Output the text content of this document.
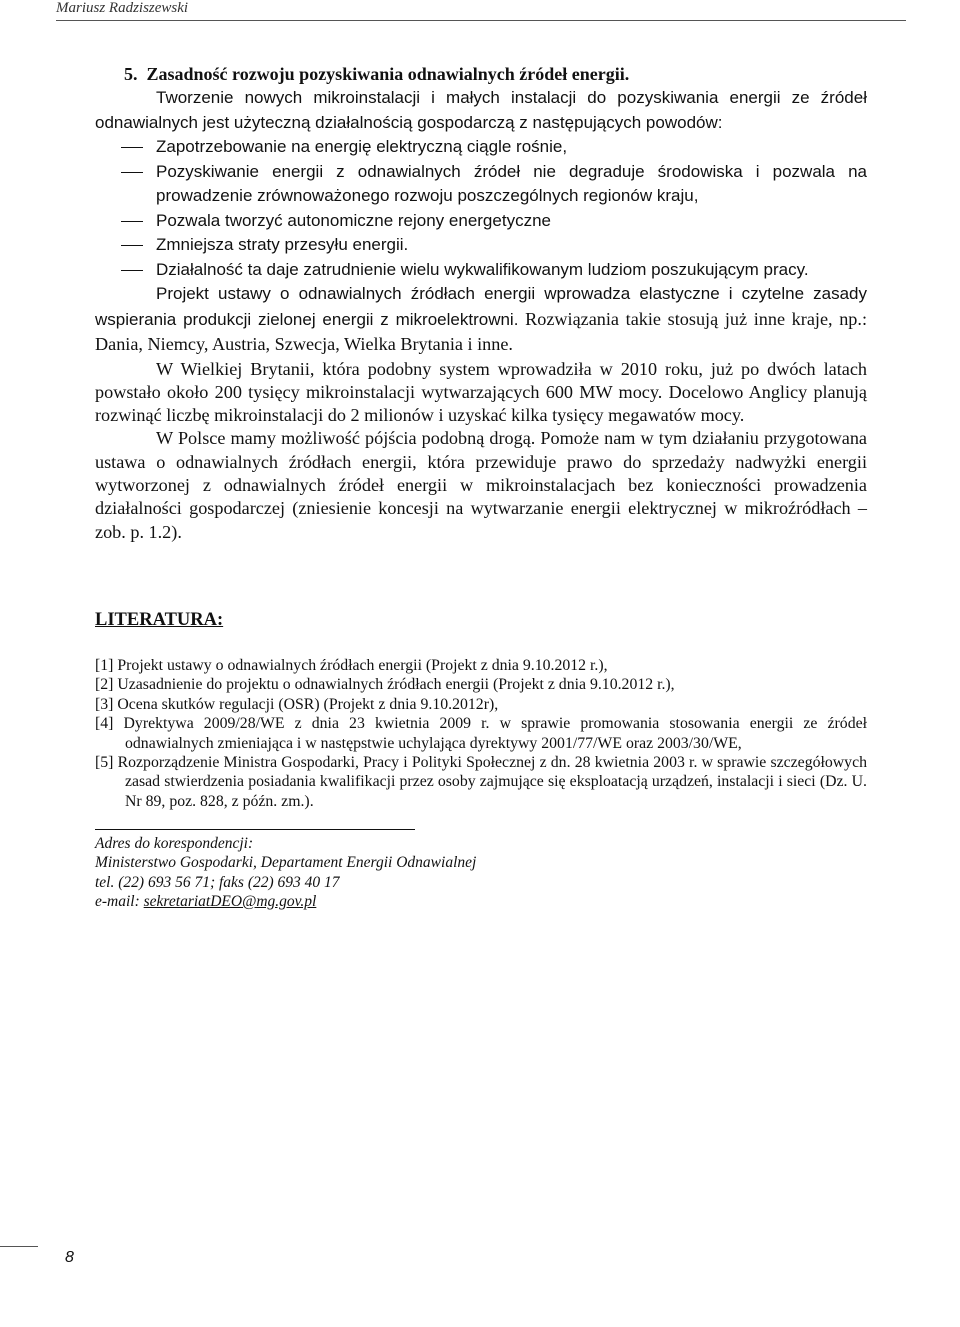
Mariusz Radziszewski
5. Zasadność rozwoju pozyskiwania odnawialnych źródeł energii.

Tworzenie nowych mikroinstalacji i małych instalacji do pozyskiwania energii ze źródeł odnawialnych jest użyteczną działalnością gospodarczą z następujących powodów:

Zapotrzebowanie na energię elektryczną ciągle rośnie,
Pozyskiwanie energii z odnawialnych źródeł nie degraduje środowiska i pozwala na prowadzenie zrównoważonego rozwoju poszczególnych regionów kraju,
Pozwala tworzyć autonomiczne rejony energetyczne
Zmniejsza straty przesyłu energii.
Działalność ta daje zatrudnienie wielu wykwalifikowanym ludziom poszukującym pracy.

Projekt ustawy o odnawialnych źródłach energii wprowadza elastyczne i czytelne zasady wspierania produkcji zielonej energii z mikroelektrowni. Rozwiązania takie stosują już inne kraje, np.: Dania, Niemcy, Austria, Szwecja, Wielka Brytania i inne.

W Wielkiej Brytanii, która podobny system wprowadziła w 2010 roku, już po dwóch latach powstało około 200 tysięcy mikroinstalacji wytwarzających 600 MW mocy. Docelowo Anglicy planują rozwinąć liczbę mikroinstalacji do 2 milionów i uzyskać kilka tysięcy megawatów mocy.

W Polsce mamy możliwość pójścia podobną drogą. Pomoże nam w tym działaniu przygotowana ustawa o odnawialnych źródłach energii, która przewiduje prawo do sprzedaży nadwyżki energii wytworzonej z odnawialnych źródeł energii w mikroinstalacjach bez konieczności prowadzenia działalności gospodarczej (zniesienie koncesji na wytwarzanie energii elektrycznej w mikroźródłach – zob. p. 1.2).

LITERATURA:
[1] Projekt ustawy o odnawialnych źródłach energii (Projekt z dnia 9.10.2012 r.),
[2] Uzasadnienie do projektu o odnawialnych źródłach energii (Projekt z dnia 9.10.2012 r.),
[3] Ocena skutków regulacji (OSR) (Projekt z dnia 9.10.2012r),
[4] Dyrektywa 2009/28/WE z dnia 23 kwietnia 2009 r. w sprawie promowania stosowania energii ze źródeł odnawialnych zmieniająca i w następstwie uchylająca dyrektywy 2001/77/WE oraz 2003/30/WE,
[5] Rozporządzenie Ministra Gospodarki, Pracy i Polityki Społecznej z dn. 28 kwietnia 2003 r. w sprawie szczegółowych zasad stwierdzenia posiadania kwalifikacji przez osoby zajmujące się eksploatacją urządzeń, instalacji i sieci (Dz. U. Nr 89, poz. 828, z późn. zm.).
Adres do korespondencji:
Ministerstwo Gospodarki, Departament Energii Odnawialnej
tel. (22) 693 56 71; faks (22) 693 40 17
e-mail: sekretariatDEO@mg.gov.pl
8
